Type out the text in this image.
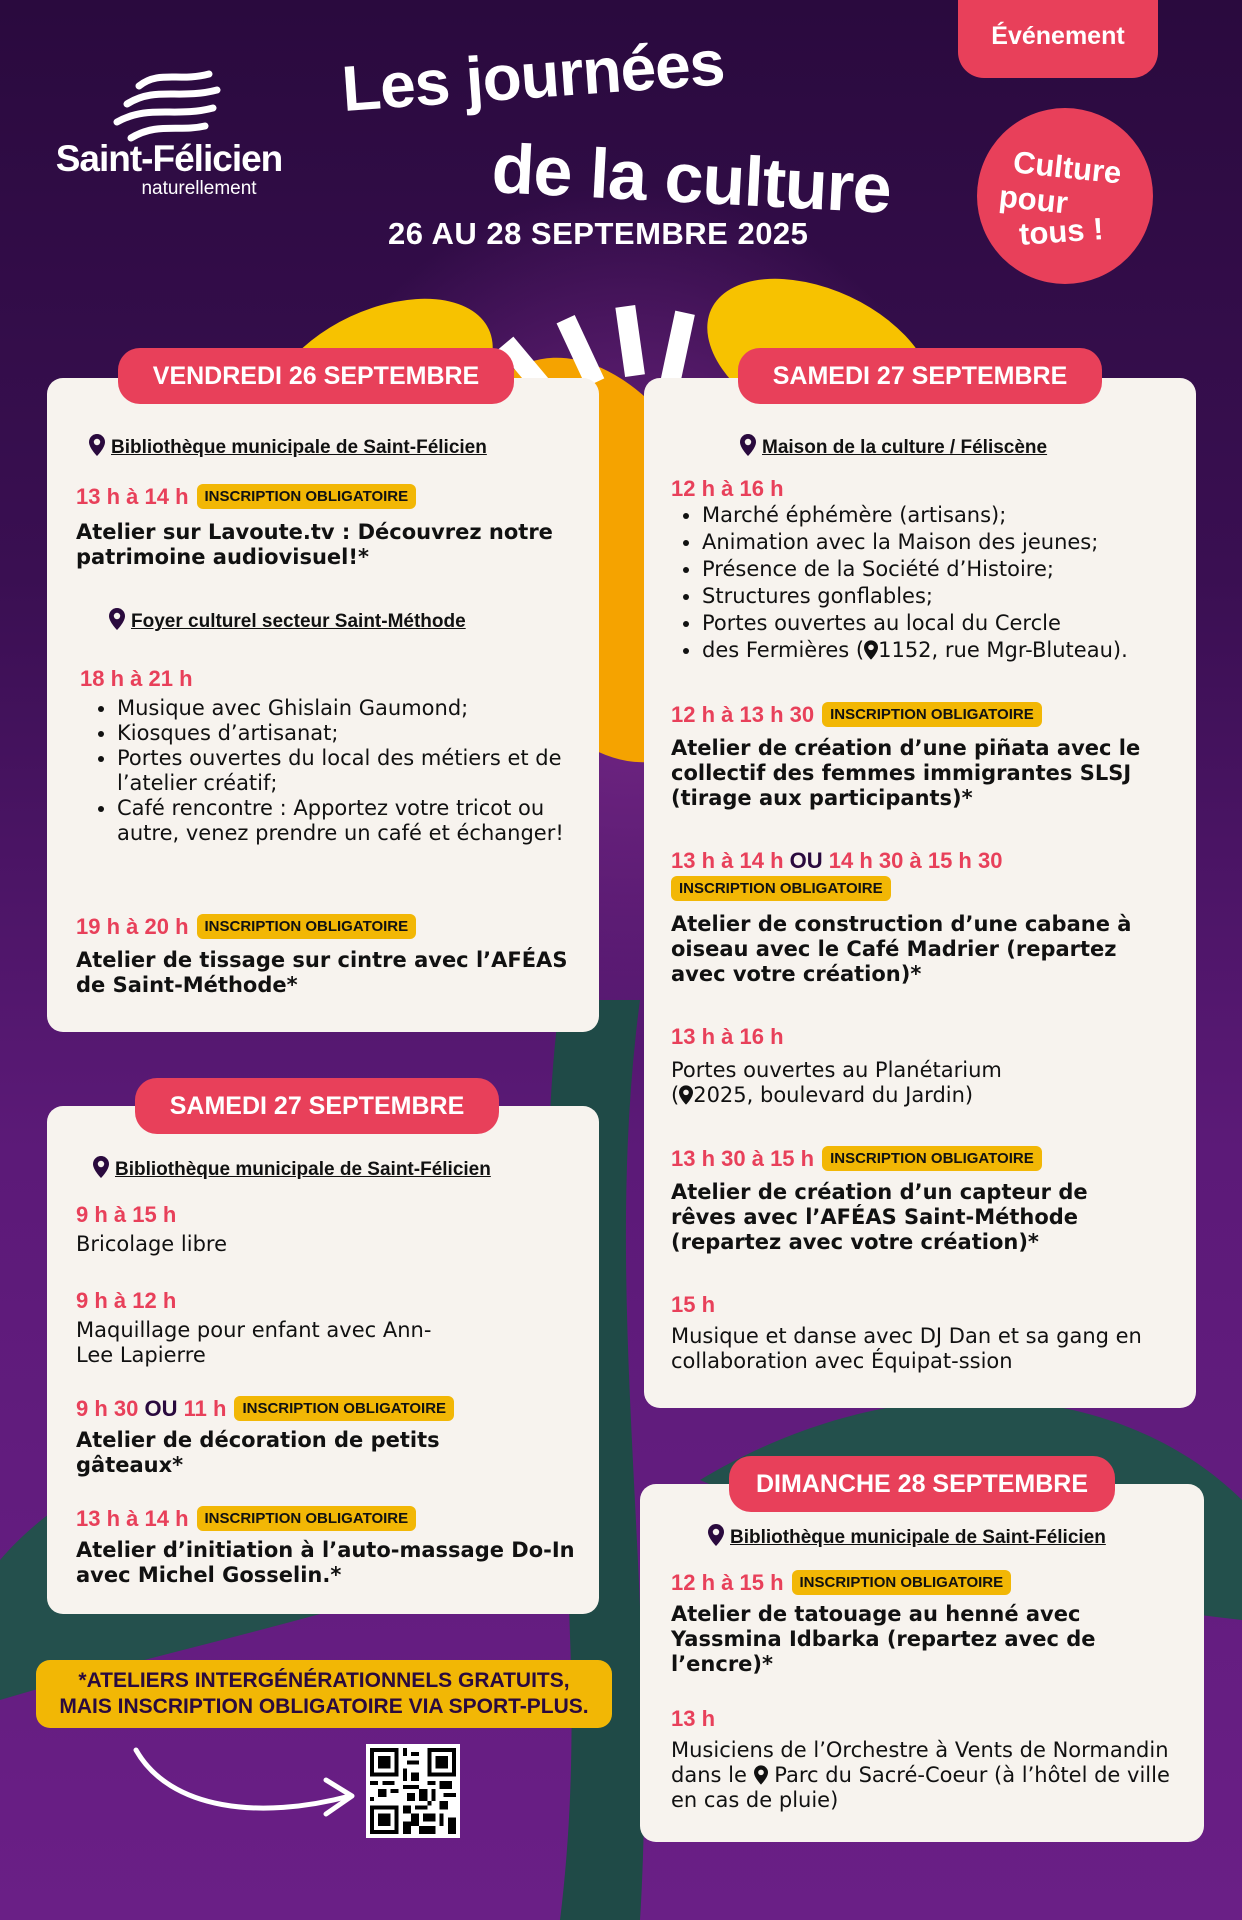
Saint-Félicien
naturellement
Les journées
de la culture
26 AU 28 SEPTEMBRE 2025
Événement
Culture
pour
tous !
Bibliothèque municipale de Saint-Félicien
13 h à 14 h INSCRIPTION OBLIGATOIRE
Atelier sur Lavoute.tv : Découvrez notre patrimoine audiovisuel!*
Foyer culturel secteur Saint-Méthode
18 h à 21 h
• Musique avec Ghislain Gaumond;
• Kiosques d’artisanat;
• Portes ouvertes du local des métiers et de l’atelier créatif;
• Café rencontre : Apportez votre tricot ou autre, venez prendre un café et échanger!
19 h à 20 h INSCRIPTION OBLIGATOIRE
Atelier de tissage sur cintre avec l’AFÉAS de Saint-Méthode*
VENDREDI 26 SEPTEMBRE
Bibliothèque municipale de Saint-Félicien
9 h à 15 h
Bricolage libre
9 h à 12 h
Maquillage pour enfant avec Ann-Lee Lapierre
9 h 30 OU 11 h INSCRIPTION OBLIGATOIRE
Atelier de décoration de petits gâteaux*
13 h à 14 h INSCRIPTION OBLIGATOIRE
Atelier d’initiation à l’auto-massage Do-In avec Michel Gosselin.*
SAMEDI 27 SEPTEMBRE
Maison de la culture / Féliscène
12 h à 16 h
• Marché éphémère (artisans);
• Animation avec la Maison des jeunes;
• Présence de la Société d’Histoire;
• Structures gonflables;
• Portes ouvertes au local du Cercle
• des Fermières ( 1152, rue Mgr-Bluteau).
12 h à 13 h 30 INSCRIPTION OBLIGATOIRE
Atelier de création d’une piñata avec le collectif des femmes immigrantes SLSJ (tirage aux participants)*
13 h à 14 h OU 14 h 30 à 15 h 30
INSCRIPTION OBLIGATOIRE
Atelier de construction d’une cabane à oiseau avec le Café Madrier (repartez avec votre création)*
13 h à 16 h
Portes ouvertes au Planétarium
( 2025, boulevard du Jardin)
13 h 30 à 15 h INSCRIPTION OBLIGATOIRE
Atelier de création d’un capteur de rêves avec l’AFÉAS Saint-Méthode (repartez avec votre création)*
15 h
Musique et danse avec DJ Dan et sa gang en collaboration avec Équipat-ssion
SAMEDI 27 SEPTEMBRE
Bibliothèque municipale de Saint-Félicien
12 h à 15 h INSCRIPTION OBLIGATOIRE
Atelier de tatouage au henné avec Yassmina Idbarka (repartez avec de l’encre)*
13 h
Musiciens de l’Orchestre à Vents de Normandin dans le Parc du Sacré-Coeur (à l’hôtel de ville en cas de pluie)
DIMANCHE 28 SEPTEMBRE
*ATELIERS INTERGÉNÉRATIONNELS GRATUITS,
MAIS INSCRIPTION OBLIGATOIRE VIA SPORT-PLUS.
